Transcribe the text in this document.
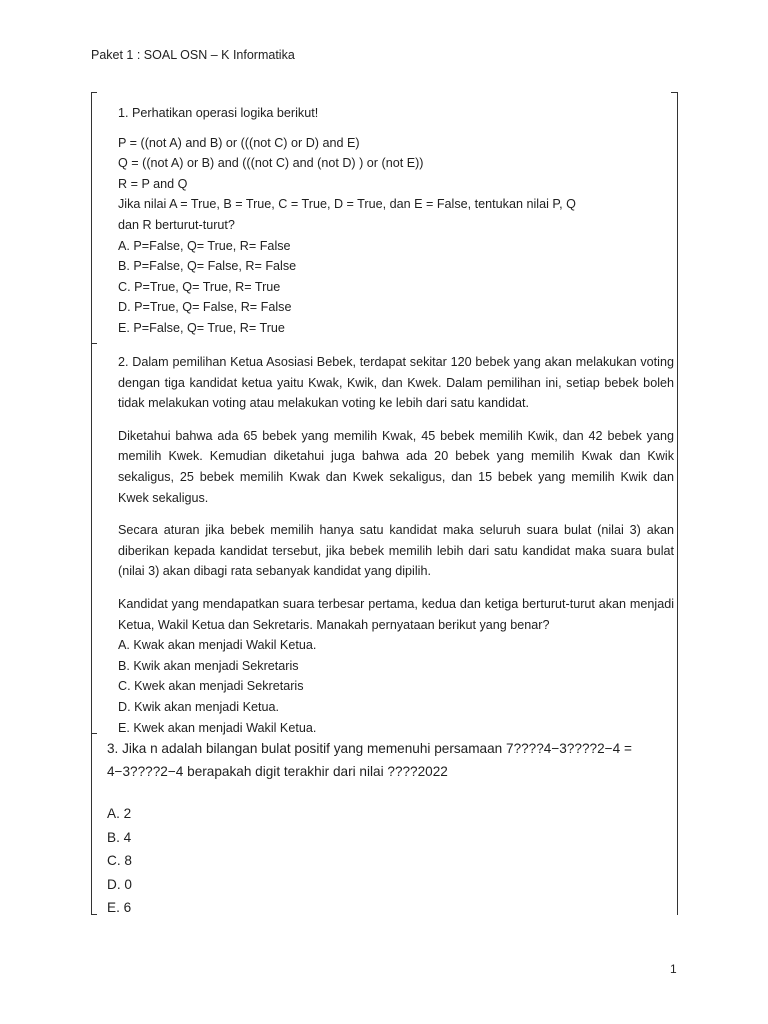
Paket 1 : SOAL OSN – K Informatika

1. Perhatikan operasi logika berikut!

P = ((not A) and B) or (((not C) or D) and E)

Q = ((not A) or B) and (((not C) and (not D) ) or (not E))

R = P and Q

Jika nilai A = True, B = True, C = True, D = True, dan E = False, tentukan nilai P, Q

dan R berturut-turut?

A. P=False, Q= True, R= False

B. P=False, Q= False, R= False

C. P=True, Q= True, R= True

D. P=True, Q= False, R= False

E. P=False, Q= True, R= True

2. Dalam pemilihan Ketua Asosiasi Bebek, terdapat sekitar 120 bebek yang akan melakukan voting dengan tiga kandidat ketua yaitu Kwak, Kwik, dan Kwek. Dalam pemilihan ini, setiap bebek boleh tidak melakukan voting atau melakukan voting ke lebih dari satu kandidat.

Diketahui bahwa ada 65 bebek yang memilih Kwak, 45 bebek memilih Kwik, dan 42 bebek yang memilih Kwek. Kemudian diketahui juga bahwa ada 20 bebek yang memilih Kwak dan Kwik sekaligus, 25 bebek memilih Kwak dan Kwek sekaligus, dan 15 bebek yang memilih Kwik dan Kwek sekaligus.

Secara aturan jika bebek memilih hanya satu kandidat maka seluruh suara bulat (nilai 3) akan diberikan kepada kandidat tersebut, jika bebek memilih lebih dari satu kandidat maka suara bulat (nilai 3) akan dibagi rata sebanyak kandidat yang dipilih.

Kandidat yang mendapatkan suara terbesar pertama, kedua dan ketiga berturut-turut akan menjadi Ketua, Wakil Ketua dan Sekretaris. Manakah pernyataan berikut yang benar?

A. Kwak akan menjadi Wakil Ketua.

B. Kwik akan menjadi Sekretaris

C. Kwek akan menjadi Sekretaris

D. Kwik akan menjadi Ketua.

E. Kwek akan menjadi Wakil Ketua.

3. Jika n adalah bilangan bulat positif yang memenuhi persamaan 7????4−3????2−4 =

4−3????2−4 berapakah digit terakhir dari nilai ????2022

A. 2

B. 4

C. 8

D. 0

E. 6

1
